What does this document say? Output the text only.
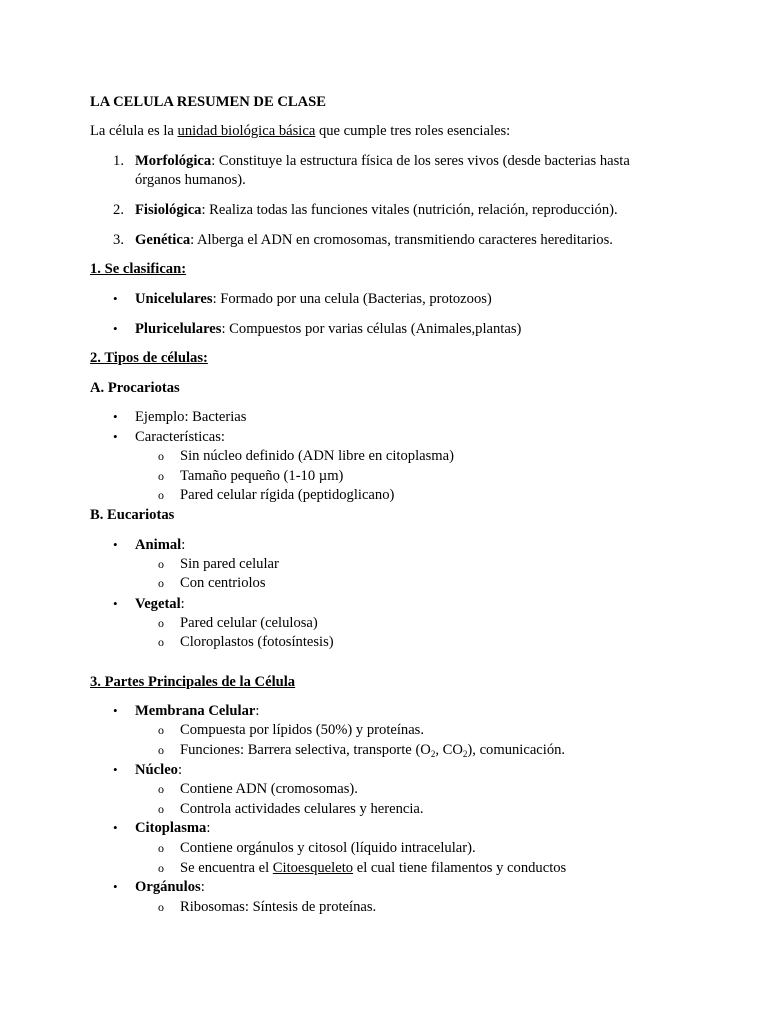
LA CELULA RESUMEN DE CLASE
La célula es la unidad biológica básica que cumple tres roles esenciales:
1. Morfológica: Constituye la estructura física de los seres vivos (desde bacterias hasta
órganos humanos).
2. Fisiológica: Realiza todas las funciones vitales (nutrición, relación, reproducción).
3. Genética: Alberga el ADN en cromosomas, transmitiendo caracteres hereditarios.
1. Se clasifican:
• Unicelulares: Formado por una celula (Bacterias, protozoos)
• Pluricelulares: Compuestos por varias células (Animales,plantas)
2. Tipos de células:
A. Procariotas
• Ejemplo: Bacterias
• Características:
o Sin núcleo definido (ADN libre en citoplasma)
o Tamaño pequeño (1-10 µm)
o Pared celular rígida (peptidoglicano)
B. Eucariotas
• Animal:
o Sin pared celular
o Con centriolos
• Vegetal:
o Pared celular (celulosa)
o Cloroplastos (fotosíntesis)
3. Partes Principales de la Célula
• Membrana Celular:
o Compuesta por lípidos (50%) y proteínas.
o Funciones: Barrera selectiva, transporte ($O_2$, $CO_2$), comunicación.
• Núcleo:
o Contiene ADN (cromosomas).
o Controla actividades celulares y herencia.
• Citoplasma:
o Contiene orgánulos y citosol (líquido intracelular).
o Se encuentra el Citoesqueleto el cual tiene filamentos y conductos
• Orgánulos:
o Ribosomas: Síntesis de proteínas.
